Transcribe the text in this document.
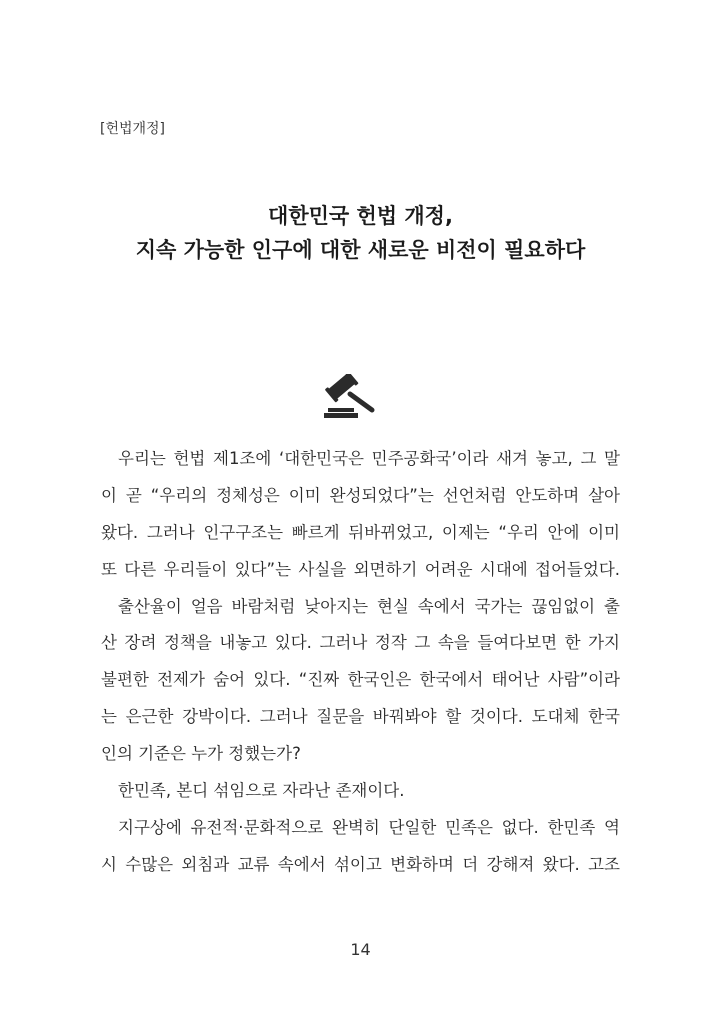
[헌법개정]
대한민국 헌법 개정,
지속 가능한 인구에 대한 새로운 비전이 필요하다
우리는 헌법 제1조에 ‘대한민국은 민주공화국’이라 새겨 놓고, 그 말
이 곧 “우리의 정체성은 이미 완성되었다”는 선언처럼 안도하며 살아
왔다. 그러나 인구구조는 빠르게 뒤바뀌었고, 이제는 “우리 안에 이미
또 다른 우리들이 있다”는 사실을 외면하기 어려운 시대에 접어들었다.
출산율이 얼음 바람처럼 낮아지는 현실 속에서 국가는 끊임없이 출
산 장려 정책을 내놓고 있다. 그러나 정작 그 속을 들여다보면 한 가지
불편한 전제가 숨어 있다. “진짜 한국인은 한국에서 태어난 사람”이라
는 은근한 강박이다. 그러나 질문을 바꿔봐야 할 것이다. 도대체 한국
인의 기준은 누가 정했는가?
한민족, 본디 섞임으로 자라난 존재이다.
지구상에 유전적·문화적으로 완벽히 단일한 민족은 없다. 한민족 역
시 수많은 외침과 교류 속에서 섞이고 변화하며 더 강해져 왔다. 고조
14
